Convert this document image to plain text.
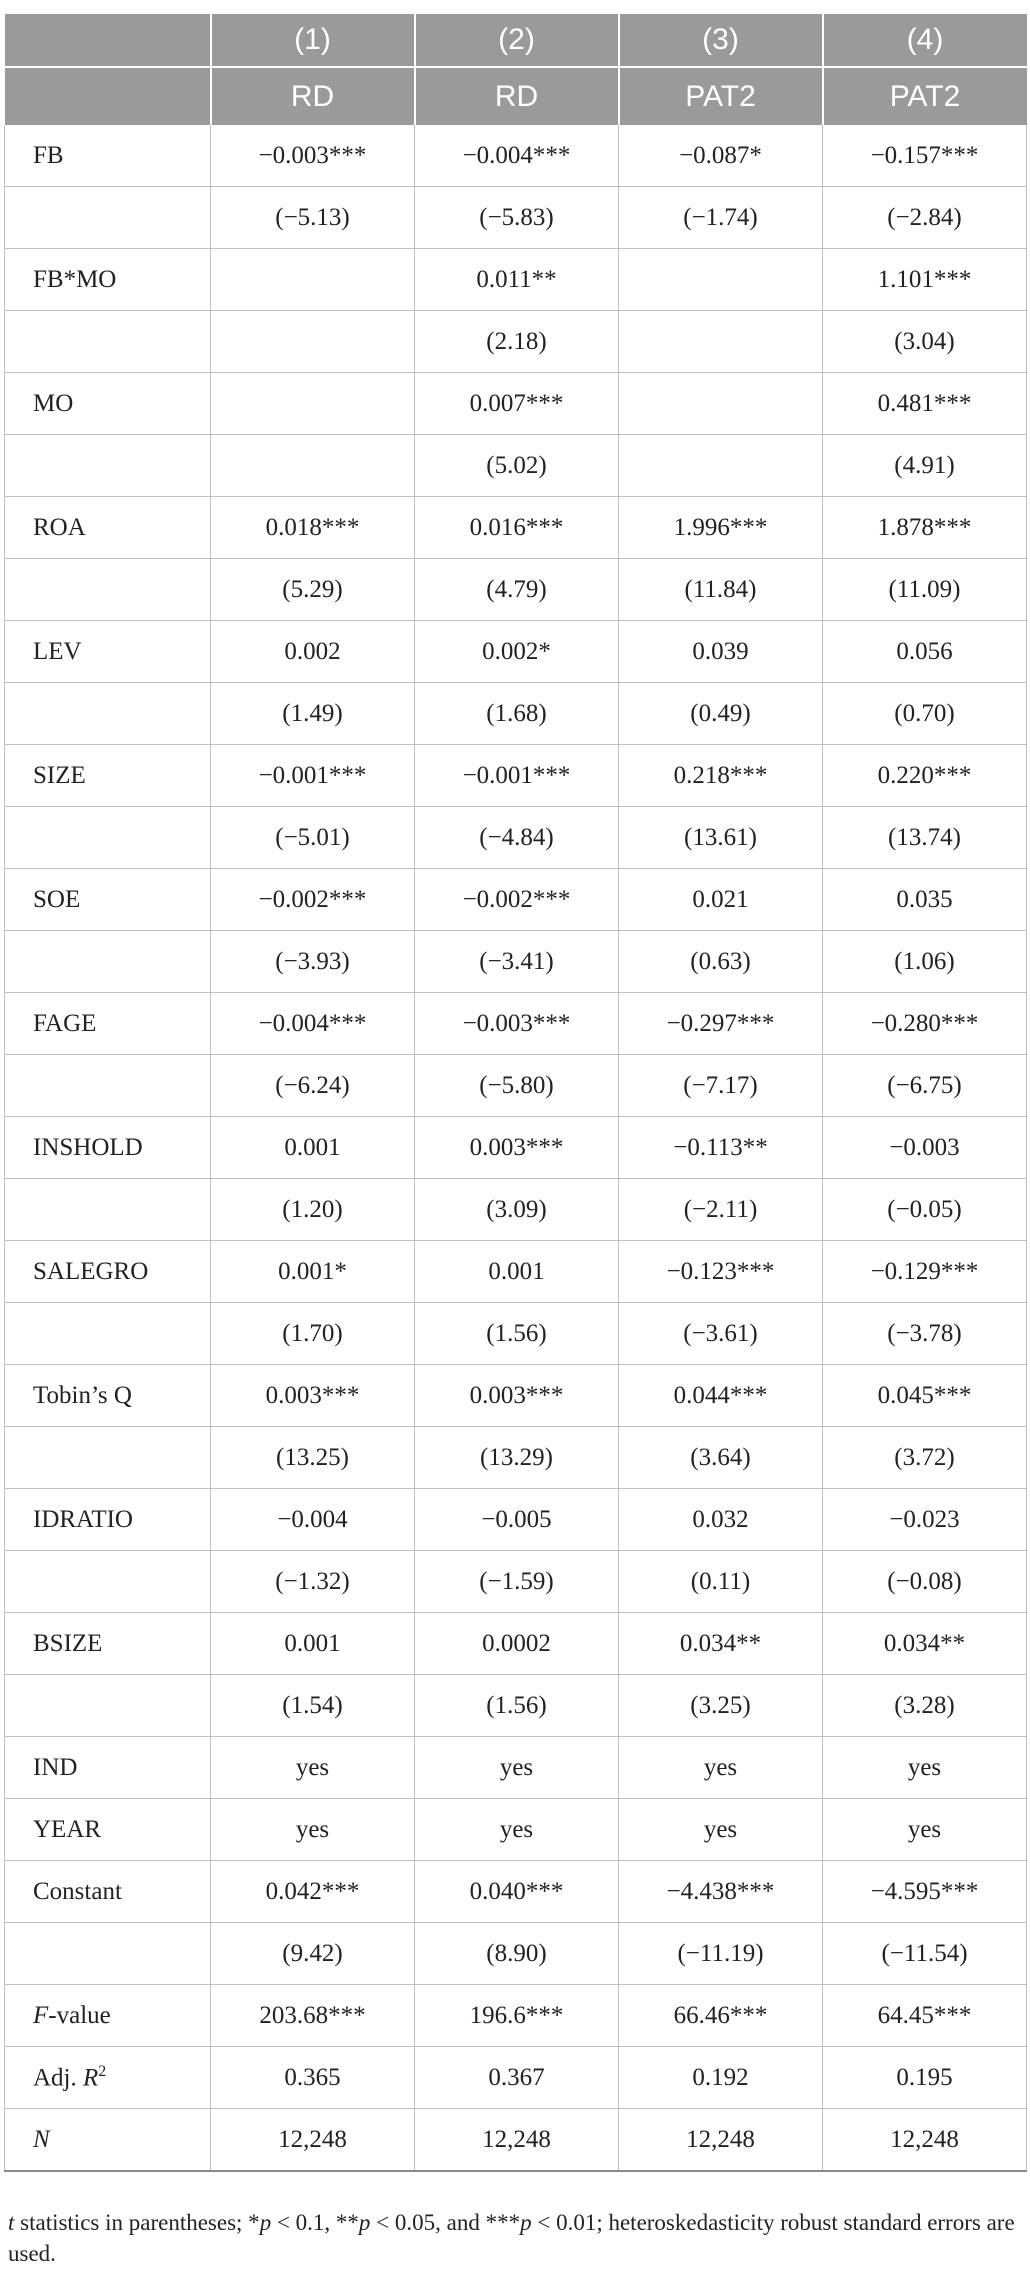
	(1)	(2)	(3)	(4)
	RD	RD	PAT2	PAT2
FB	−0.003***	−0.004***	−0.087*	−0.157***
	(−5.13)	(−5.83)	(−1.74)	(−2.84)
FB*MO		0.011**		1.101***
		(2.18)		(3.04)
MO		0.007***		0.481***
		(5.02)		(4.91)
ROA	0.018***	0.016***	1.996***	1.878***
	(5.29)	(4.79)	(11.84)	(11.09)
LEV	0.002	0.002*	0.039	0.056
	(1.49)	(1.68)	(0.49)	(0.70)
SIZE	−0.001***	−0.001***	0.218***	0.220***
	(−5.01)	(−4.84)	(13.61)	(13.74)
SOE	−0.002***	−0.002***	0.021	0.035
	(−3.93)	(−3.41)	(0.63)	(1.06)
FAGE	−0.004***	−0.003***	−0.297***	−0.280***
	(−6.24)	(−5.80)	(−7.17)	(−6.75)
INSHOLD	0.001	0.003***	−0.113**	−0.003
	(1.20)	(3.09)	(−2.11)	(−0.05)
SALEGRO	0.001*	0.001	−0.123***	−0.129***
	(1.70)	(1.56)	(−3.61)	(−3.78)
Tobin’s Q	0.003***	0.003***	0.044***	0.045***
	(13.25)	(13.29)	(3.64)	(3.72)
IDRATIO	−0.004	−0.005	0.032	−0.023
	(−1.32)	(−1.59)	(0.11)	(−0.08)
BSIZE	0.001	0.0002	0.034**	0.034**
	(1.54)	(1.56)	(3.25)	(3.28)
IND	yes	yes	yes	yes
YEAR	yes	yes	yes	yes
Constant	0.042***	0.040***	−4.438***	−4.595***
	(9.42)	(8.90)	(−11.19)	(−11.54)
F-value	203.68***	196.6***	66.46***	64.45***
Adj. $R^2$	0.365	0.367	0.192	0.195
N	12,248	12,248	12,248	12,248
t statistics in parentheses; *p < 0.1, **p < 0.05, and ***p < 0.01; heteroskedasticity robust standard errors are used.
